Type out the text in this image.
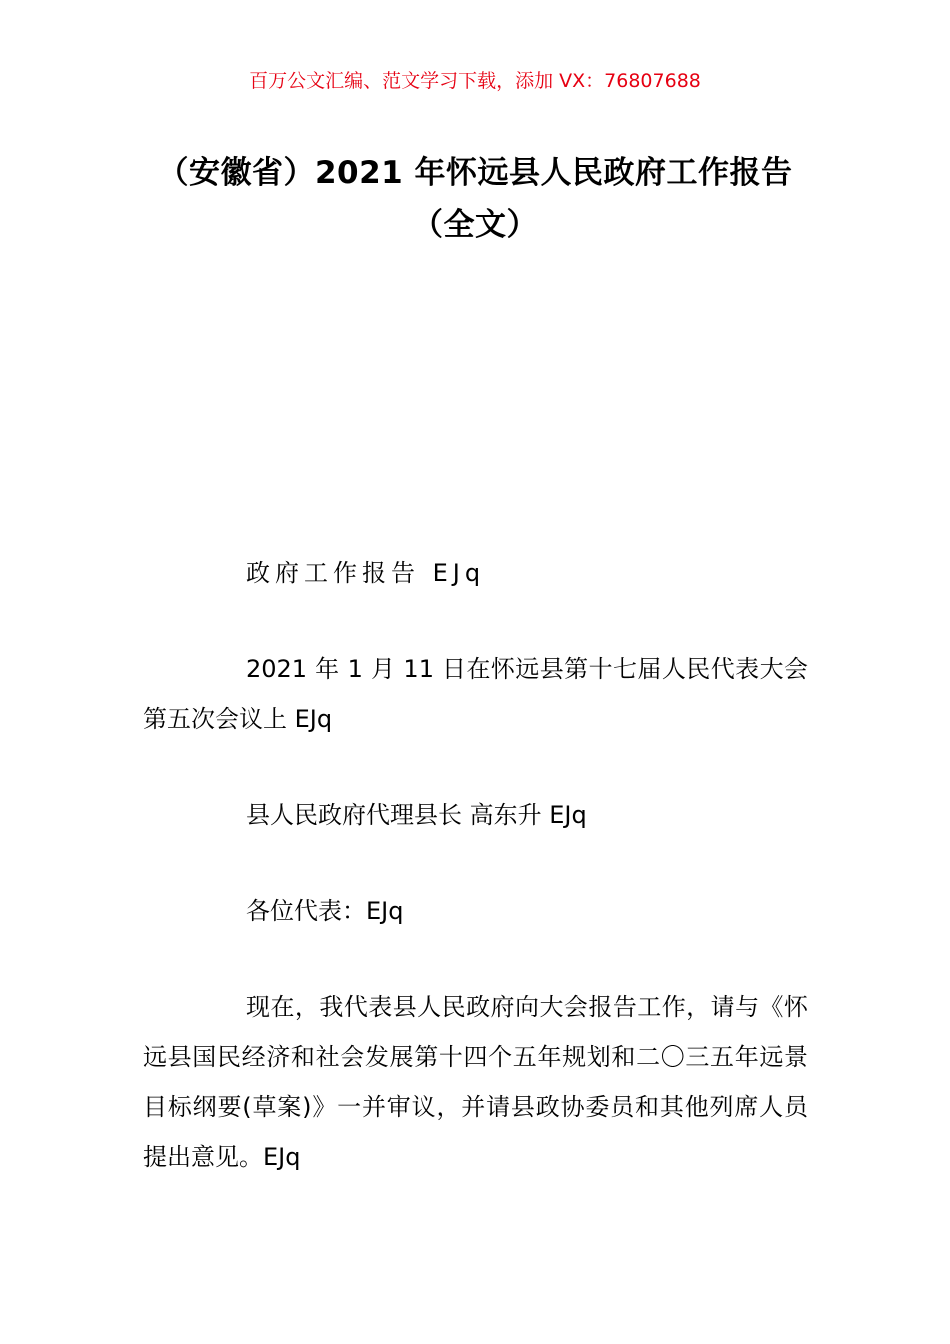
百万公文汇编、范文学习下载，添加 VX：76807688
（安徽省）2021 年怀远县人民政府工作报告（全文）

政府工作报告 EJq

2021 年 1 月 11 日在怀远县第十七届人民代表大会第五次会议上 EJq

县人民政府代理县长 高东升 EJq

各位代表：EJq

现在，我代表县人民政府向大会报告工作，请与《怀远县国民经济和社会发展第十四个五年规划和二〇三五年远景目标纲要(草案)》一并审议，并请县政协委员和其他列席人员提出意见。EJq
